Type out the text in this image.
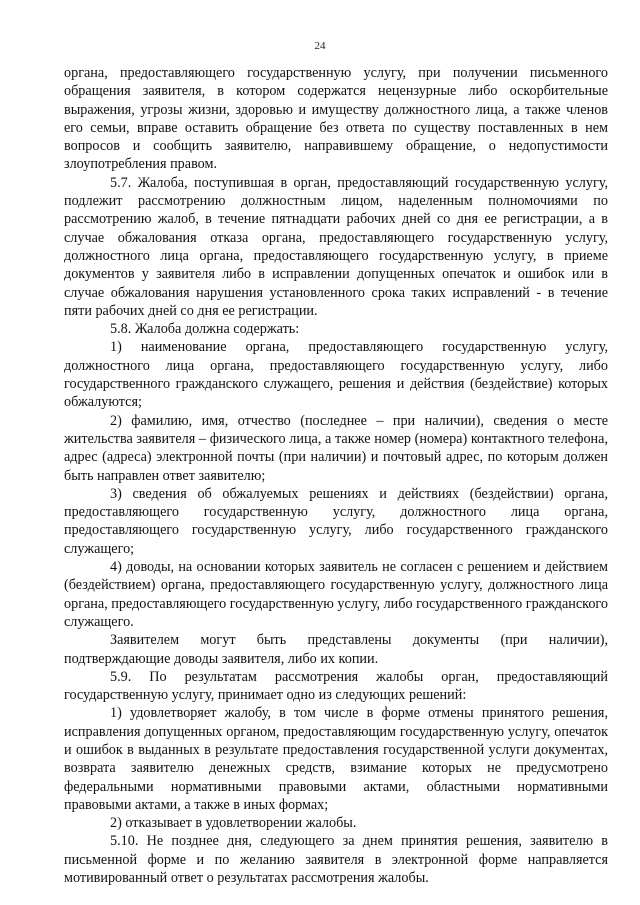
24

органа, предоставляющего государственную услугу, при получении письменного обращения заявителя, в котором содержатся нецензурные либо оскорбительные выражения, угрозы жизни, здоровью и имуществу должностного лица, а также членов его семьи, вправе оставить обращение без ответа по существу поставленных в нем вопросов и сообщить заявителю, направившему обращение, о недопустимости злоупотребления правом.

5.7. Жалоба, поступившая в орган, предоставляющий государственную услугу, подлежит рассмотрению должностным лицом, наделенным полномочиями по рассмотрению жалоб, в течение пятнадцати рабочих дней со дня ее регистрации, а в случае обжалования отказа органа, предоставляющего государственную услугу, должностного лица органа, предоставляющего государственную услугу, в приеме документов у заявителя либо в исправлении допущенных опечаток и ошибок или в случае обжалования нарушения установленного срока таких исправлений - в течение пяти рабочих дней со дня ее регистрации.

5.8. Жалоба должна содержать:

1) наименование органа, предоставляющего государственную услугу, должностного лица органа, предоставляющего государственную услугу, либо государственного гражданского служащего, решения и действия (бездействие) которых обжалуются;

2) фамилию, имя, отчество (последнее – при наличии), сведения о месте жительства заявителя – физического лица, а также номер (номера) контактного телефона, адрес (адреса) электронной почты (при наличии) и почтовый адрес, по которым должен быть направлен ответ заявителю;

3) сведения об обжалуемых решениях и действиях (бездействии) органа, предоставляющего государственную услугу, должностного лица органа, предоставляющего государственную услугу, либо государственного гражданского служащего;

4) доводы, на основании которых заявитель не согласен с решением и действием (бездействием) органа, предоставляющего государственную услугу, должностного лица органа, предоставляющего государственную услугу, либо государственного гражданского служащего.

Заявителем могут быть представлены документы (при наличии), подтверждающие доводы заявителя, либо их копии.

5.9. По результатам рассмотрения жалобы орган, предоставляющий государственную услугу, принимает одно из следующих решений:

1) удовлетворяет жалобу, в том числе в форме отмены принятого решения, исправления допущенных органом, предоставляющим государственную услугу, опечаток и ошибок в выданных в результате предоставления государственной услуги документах, возврата заявителю денежных средств, взимание которых не предусмотрено федеральными нормативными правовыми актами, областными нормативными правовыми актами, а также в иных формах;

2) отказывает в удовлетворении жалобы.

5.10. Не позднее дня, следующего за днем принятия решения, заявителю в письменной форме и по желанию заявителя в электронной форме направляется мотивированный ответ о результатах рассмотрения жалобы.
